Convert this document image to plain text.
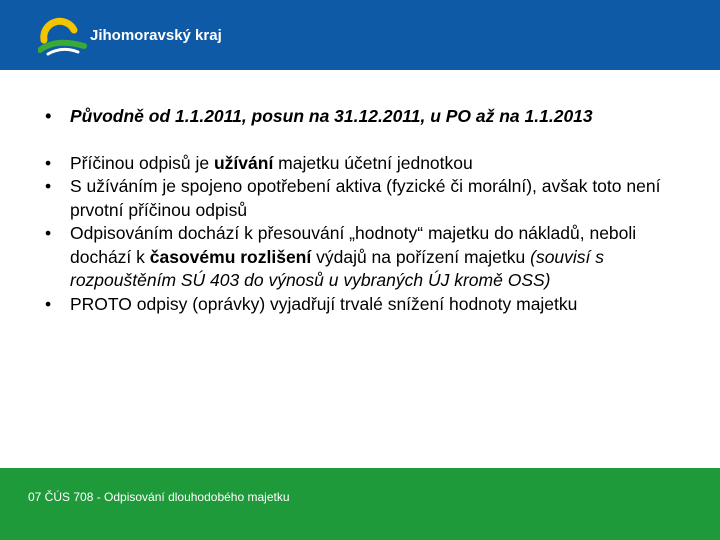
Jihomoravský kraj
• Původně od 1.1.2011, posun na 31.12.2011, u PO až na 1.1.2013
• Příčinou odpisů je užívání majetku účetní jednotkou
• S užíváním je spojeno opotřebení aktiva (fyzické či morální), avšak toto není prvotní příčinou odpisů
• Odpisováním dochází k přesouvání „hodnoty“ majetku do nákladů, neboli dochází k časovému rozlišení výdajů na pořízení majetku (souvisí s rozpouštěním SÚ 403 do výnosů u vybraných ÚJ kromě OSS)
• PROTO odpisy (oprávky) vyjadřují trvalé snížení hodnoty majetku
07 ČÚS 708 - Odpisování dlouhodobého majetku
